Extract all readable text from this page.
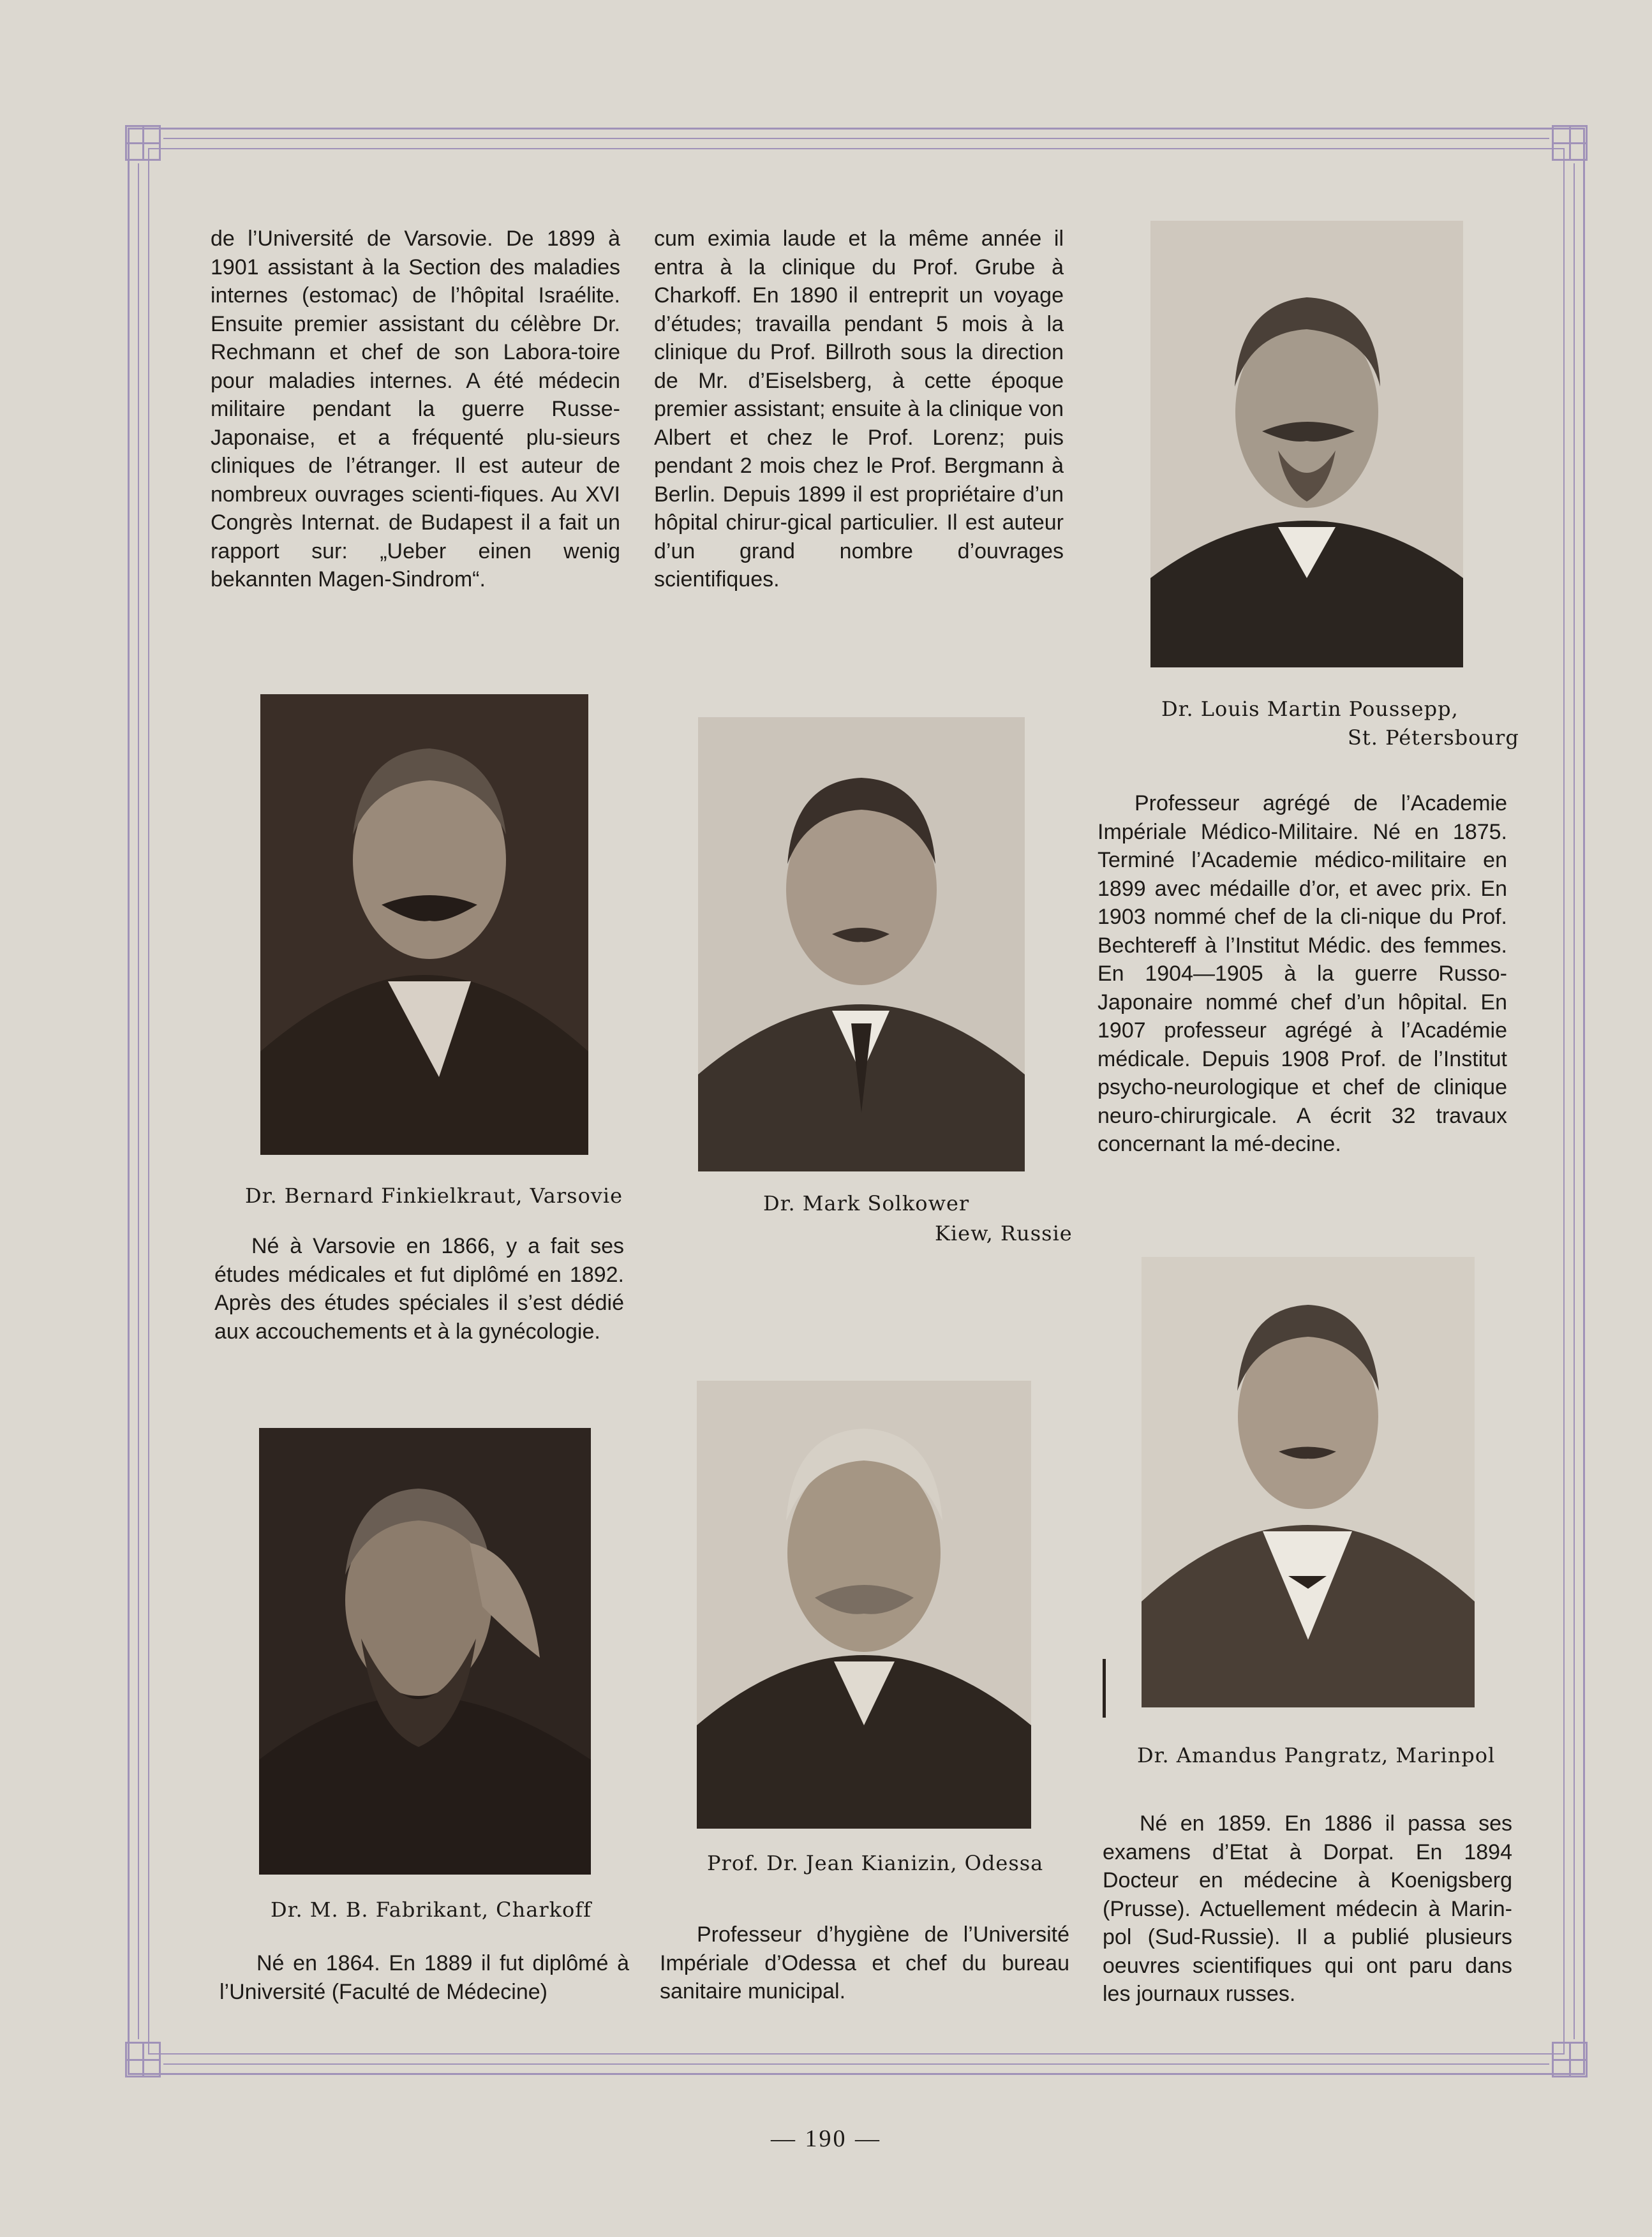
de l’Université de Varsovie. De 1899 à 1901 assistant à la Section des maladies internes (estomac) de l’hôpital Israélite. Ensuite premier assistant du célèbre Dr. Rechmann et chef de son Labora-toire pour maladies internes. A été médecin militaire pendant la guerre Russe-Japonaise, et a fréquenté plu-sieurs cliniques de l’étranger. Il est auteur de nombreux ouvrages scienti-fiques. Au XVI Congrès Internat. de Budapest il a fait un rapport sur: „Ueber einen wenig bekannten Magen-Sindrom“.

cum eximia laude et la même année il entra à la clinique du Prof. Grube à Charkoff. En 1890 il entreprit un voyage d’études; travailla pendant 5 mois à la clinique du Prof. Billroth sous la direction de Mr. d’Eiselsberg, à cette époque premier assistant; ensuite à la clinique von Albert et chez le Prof. Lorenz; puis pendant 2 mois chez le Prof. Bergmann à Berlin. Depuis 1899 il est propriétaire d’un hôpital chirur-gical particulier. Il est auteur d’un grand nombre d’ouvrages scientifiques.

Dr. Louis Martin Poussepp,
St. Pétersbourg

Professeur agrégé de l’Academie Impériale Médico-Militaire. Né en 1875. Terminé l’Academie médico-militaire en 1899 avec médaille d’or, et avec prix. En 1903 nommé chef de la cli-nique du Prof. Bechtereff à l’Institut Médic. des femmes. En 1904—1905 à la guerre Russo-Japonaire nommé chef d’un hôpital. En 1907 professeur agrégé à l’Académie médicale. Depuis 1908 Prof. de l’Institut psycho-neurologique et chef de clinique neuro-chirurgicale. A écrit 32 travaux concernant la mé-decine.

Dr. Bernard Finkielkraut, Varsovie

Né à Varsovie en 1866, y a fait ses études médicales et fut diplômé en 1892. Après des études spéciales il s’est dédié aux accouchements et à la gynécologie.

Dr. Mark Solkower
Kiew, Russie
Dr. Amandus Pangratz, Marinpol

Né en 1859. En 1886 il passa ses examens d’Etat à Dorpat. En 1894 Docteur en médecine à Koenigsberg (Prusse). Actuellement médecin à Marin-pol (Sud-Russie). Il a publié plusieurs oeuvres scientifiques qui ont paru dans les journaux russes.

Dr. M. B. Fabrikant, Charkoff

Né en 1864. En 1889 il fut diplômé à l’Université (Faculté de Médecine)

Prof. Dr. Jean Kianizin, Odessa

Professeur d’hygiène de l’Université Impériale d’Odessa et chef du bureau sanitaire municipal.

— 190 —
